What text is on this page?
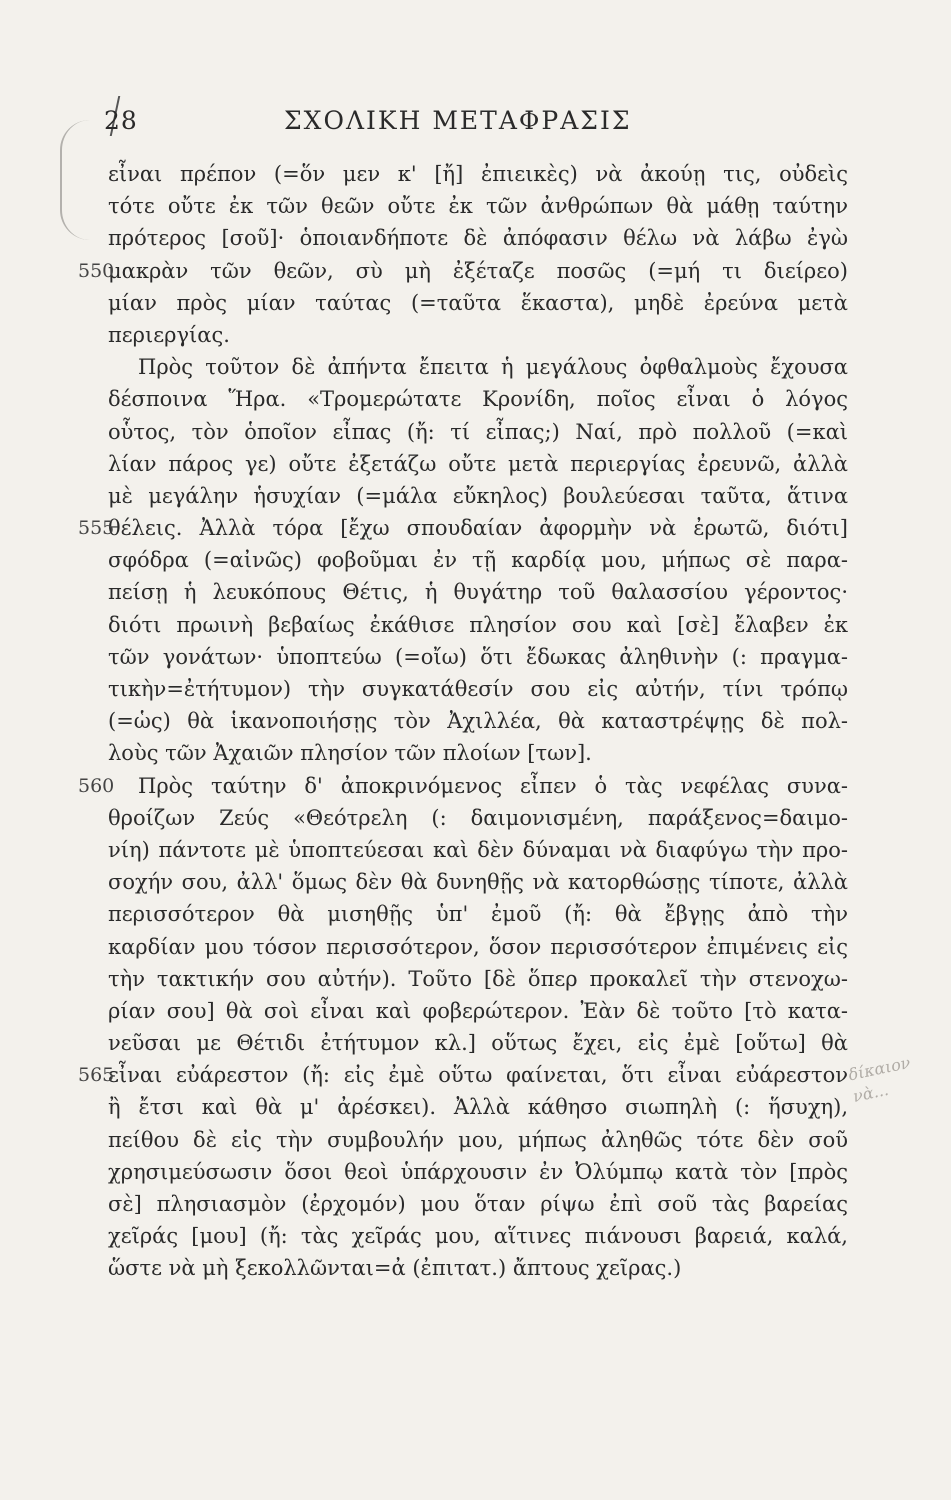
28	ΣΧΟΛΙΚΗ ΜΕΤΑΦΡΑΣΙΣ
εἶναι πρέπον (=ὅν μεν κ' [ἤ] ἐπιεικὲς) νὰ ἀκούῃ τις, οὐδεὶς
τότε οὔτε ἐκ τῶν θεῶν οὔτε ἐκ τῶν ἀνθρώπων θὰ μάθῃ ταύτην
πρότερος [σοῦ]· ὁποιανδήποτε δὲ ἀπόφασιν θέλω νὰ λάβω ἐγὼ
550
μακρὰν τῶν θεῶν, σὺ μὴ ἐξέταζε ποσῶς (=μή τι διείρεο)
μίαν πρὸς μίαν ταύτας (=ταῦτα ἕκαστα), μηδὲ ἐρεύνα μετὰ
περιεργίας.
Πρὸς τοῦτον δὲ ἀπήντα ἔπειτα ἡ μεγάλους ὀφθαλμοὺς ἔχουσα
δέσποινα Ἥρα. «Τρομερώτατε Κρονίδη, ποῖος εἶναι ὁ λόγος
οὗτος, τὸν ὁποῖον εἶπας (ἤ: τί εἶπας;) Ναί, πρὸ πολλοῦ (=καὶ
λίαν πάρος γε) οὔτε ἐξετάζω οὔτε μετὰ περιεργίας ἐρευνῶ, ἀλλὰ
μὲ μεγάλην ἡσυχίαν (=μάλα εὔκηλος) βουλεύεσαι ταῦτα, ἅτινα
555
θέλεις. Ἀλλὰ τόρα [ἔχω σπουδαίαν ἀφορμὴν νὰ ἐρωτῶ, διότι]
σφόδρα (=αἰνῶς) φοβοῦμαι ἐν τῇ καρδίᾳ μου, μήπως σὲ παρα-
πείσῃ ἡ λευκόπους Θέτις, ἡ θυγάτηρ τοῦ θαλασσίου γέροντος·
διότι πρωινὴ βεβαίως ἐκάθισε πλησίον σου καὶ [σὲ] ἔλαβεν ἐκ
τῶν γονάτων· ὑποπτεύω (=οἴω) ὅτι ἔδωκας ἀληθινὴν (: πραγμα-
τικὴν=ἐτήτυμον) τὴν συγκατάθεσίν σου εἰς αὐτήν, τίνι τρόπῳ
(=ὡς) θὰ ἱκανοποιήσῃς τὸν Ἀχιλλέα, θὰ καταστρέψῃς δὲ πολ-
λοὺς τῶν Ἀχαιῶν πλησίον τῶν πλοίων [των].
560 Πρὸς ταύτην δ' ἀποκρινόμενος εἶπεν ὁ τὰς νεφέλας συνα-
θροίζων Ζεύς «Θεότρελη (: δαιμονισμένη, παράξενος=δαιμο-
νίη) πάντοτε μὲ ὑποπτεύεσαι καὶ δὲν δύναμαι νὰ διαφύγω τὴν προ-
σοχήν σου, ἀλλ' ὅμως δὲν θὰ δυνηθῇς νὰ κατορθώσῃς τίποτε, ἀλλὰ
περισσότερον θὰ μισηθῇς ὑπ' ἐμοῦ (ἤ: θὰ ἔβγῃς ἀπὸ τὴν
καρδίαν μου τόσον περισσότερον, ὅσον περισσότερον ἐπιμένεις εἰς
τὴν τακτικήν σου αὐτήν). Τοῦτο [δὲ ὅπερ προκαλεῖ τὴν στενοχω-
ρίαν σου] θὰ σοὶ εἶναι καὶ φοβερώτερον. Ἐὰν δὲ τοῦτο [τὸ κατα-
νεῦσαι με Θέτιδι ἐτήτυμον κλ.] οὕτως ἔχει, εἰς ἐμὲ [οὕτω] θὰ
565
εἶναι εὐάρεστον (ἤ: εἰς ἐμὲ οὕτω φαίνεται, ὅτι εἶναι εὐάρεστον
ἢ ἔτσι καὶ θὰ μ' ἀρέσκει). Ἀλλὰ κάθησο σιωπηλὴ (: ἥσυχη),
πείθου δὲ εἰς τὴν συμβουλήν μου, μήπως ἀληθῶς τότε δὲν σοῦ
χρησιμεύσωσιν ὅσοι θεοὶ ὑπάρχουσιν ἐν Ὀλύμπῳ κατὰ τὸν [πρὸς
σὲ] πλησιασμὸν (ἐρχομόν) μου ὅταν ρίψω ἐπὶ σοῦ τὰς βαρείας
χεῖράς [μου] (ἤ: τὰς χεῖράς μου, αἵτινες πιάνουσι βαρειά, καλά,
ὥστε νὰ μὴ ξεκολλῶνται=ἀ (ἐπιτατ.) ἄπτους χεῖρας.)
δίκαιον νὰ...
